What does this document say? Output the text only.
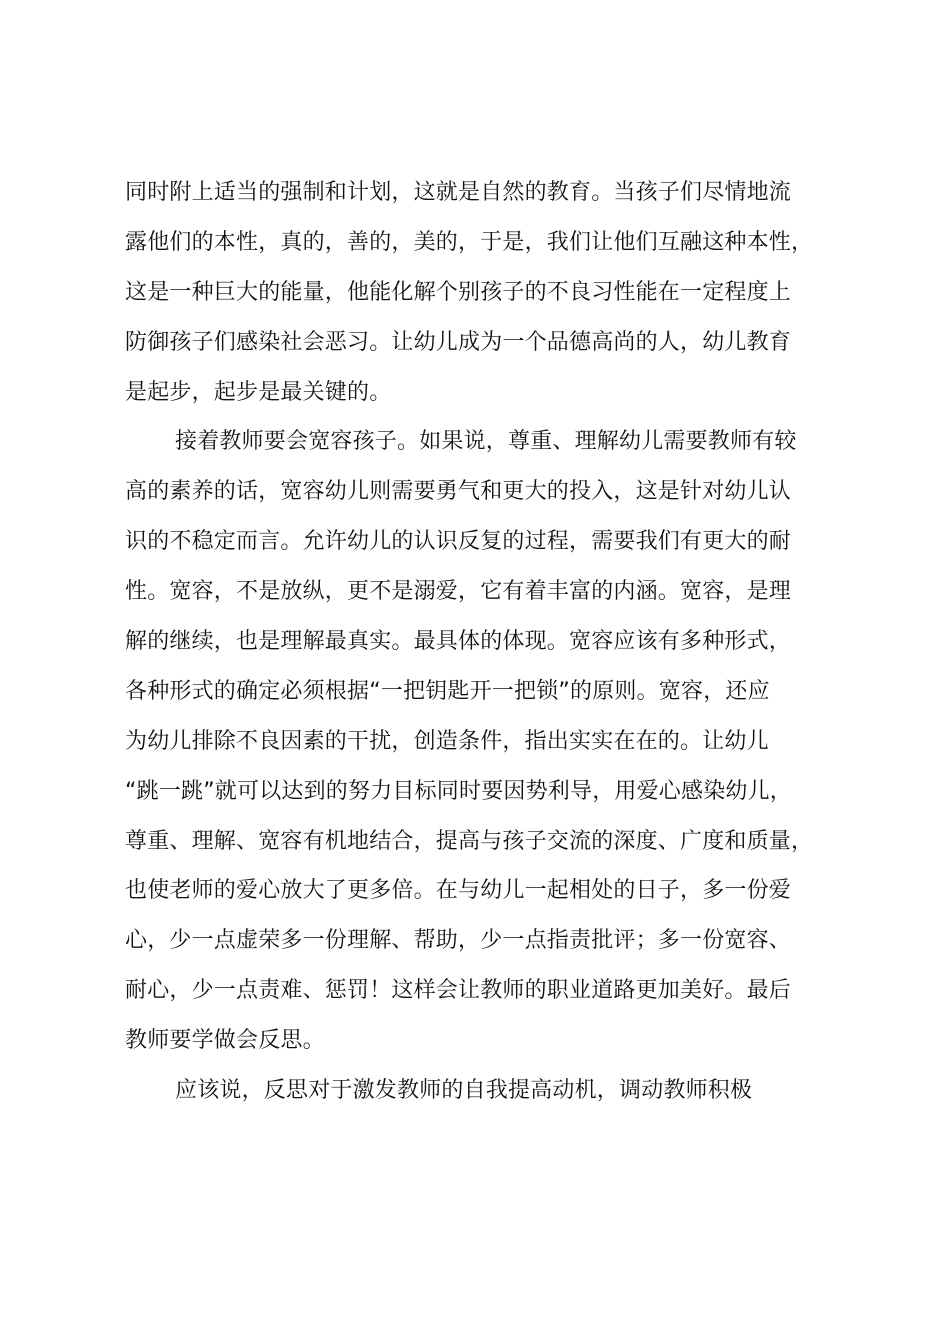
同时附上适当的强制和计划，这就是自然的教育。当孩子们尽情地流
露他们的本性，真的，善的，美的，于是，我们让他们互融这种本性，
这是一种巨大的能量，他能化解个别孩子的不良习性能在一定程度上
防御孩子们感染社会恶习。让幼儿成为一个品德高尚的人，幼儿教育
是起步，起步是最关键的。
接着教师要会宽容孩子。如果说，尊重、理解幼儿需要教师有较
高的素养的话，宽容幼儿则需要勇气和更大的投入，这是针对幼儿认
识的不稳定而言。允许幼儿的认识反复的过程，需要我们有更大的耐
性。宽容，不是放纵，更不是溺爱，它有着丰富的内涵。宽容，是理
解的继续，也是理解最真实。最具体的体现。宽容应该有多种形式，
各种形式的确定必须根据“一把钥匙开一把锁”的原则。宽容，还应
为幼儿排除不良因素的干扰，创造条件，指出实实在在的。让幼儿
“跳一跳”就可以达到的努力目标同时要因势利导，用爱心感染幼儿，
尊重、理解、宽容有机地结合，提高与孩子交流的深度、广度和质量，
也使老师的爱心放大了更多倍。在与幼儿一起相处的日子，多一份爱
心，少一点虚荣多一份理解、帮助，少一点指责批评；多一份宽容、
耐心，少一点责难、惩罚！这样会让教师的职业道路更加美好。最后
教师要学做会反思。
应该说，反思对于激发教师的自我提高动机，调动教师积极
